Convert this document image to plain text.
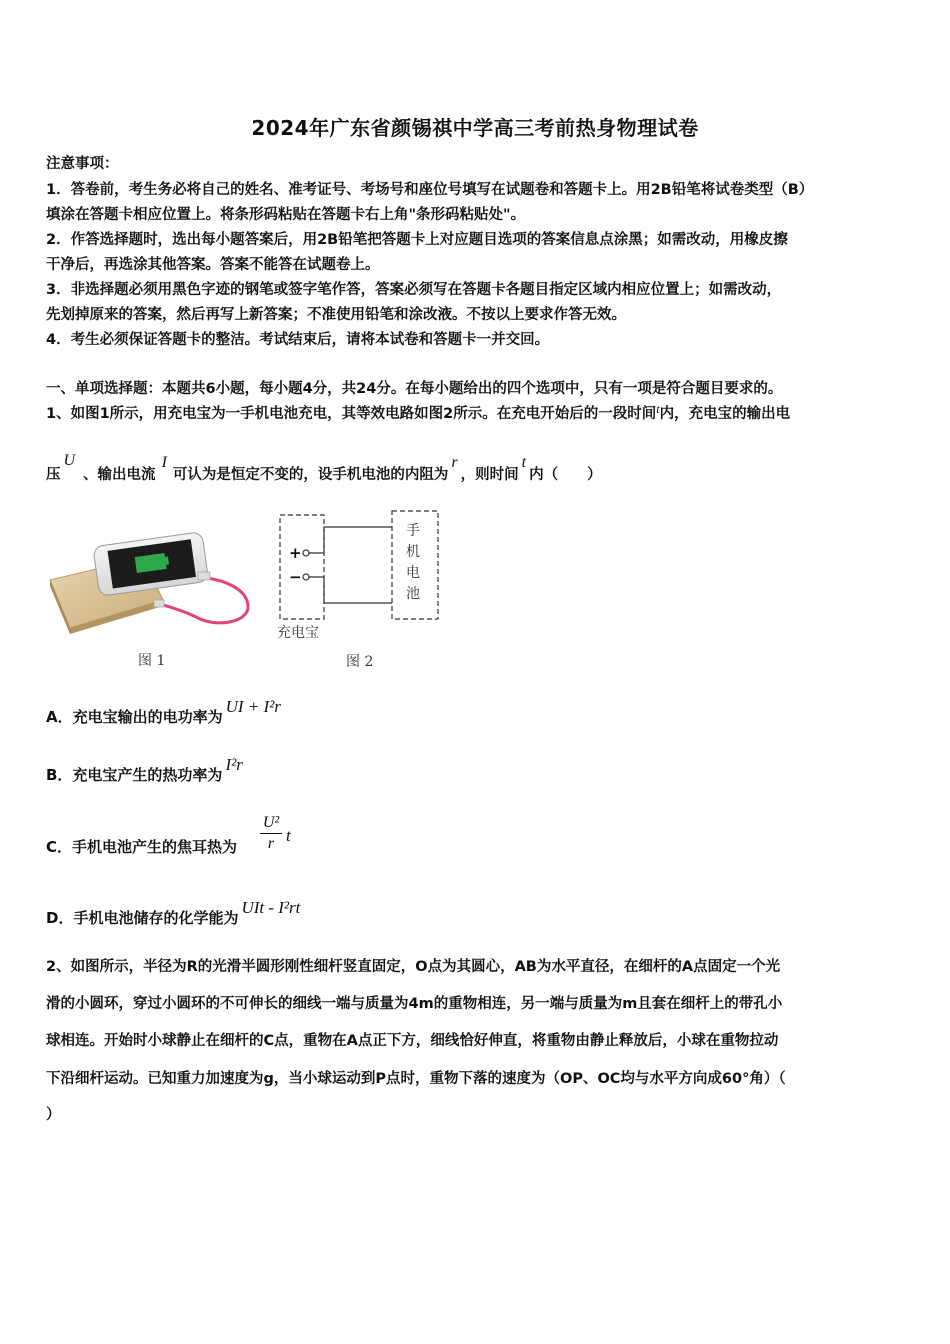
2024年广东省颜锡祺中学高三考前热身物理试卷
注意事项：
1．答卷前，考生务必将自己的姓名、准考证号、考场号和座位号填写在试题卷和答题卡上。用2B铅笔将试卷类型（B）
填涂在答题卡相应位置上。将条形码粘贴在答题卡右上角"条形码粘贴处"。
2．作答选择题时，选出每小题答案后，用2B铅笔把答题卡上对应题目选项的答案信息点涂黑；如需改动，用橡皮擦
干净后，再选涂其他答案。答案不能答在试题卷上。
3．非选择题必须用黑色字迹的钢笔或签字笔作答，答案必须写在答题卡各题目指定区域内相应位置上；如需改动，
先划掉原来的答案，然后再写上新答案；不准使用铅笔和涂改液。不按以上要求作答无效。
4．考生必须保证答题卡的整洁。考试结束后，请将本试卷和答题卡一并交回。
一、单项选择题：本题共6小题，每小题4分，共24分。在每小题给出的四个选项中，只有一项是符合题目要求的。
1、如图1所示，用充电宝为一手机电池充电，其等效电路如图2所示。在充电开始后的一段时间$^t$内，充电宝的输出电
压U、输出电流I可认为是恒定不变的，设手机电池的内阻为r，则时间t内（　　）
图 1
+
−
手
机
电
池
充电宝
图 2
A．充电宝输出的电功率为UI + I²r
B．充电宝产生的热功率为I²r
C．手机电池产生的焦耳热为
U²
r t
D．手机电池储存的化学能为UIt - I²rt
2、如图所示，半径为R的光滑半圆形刚性细杆竖直固定，O点为其圆心，AB为水平直径，在细杆的A点固定一个光
滑的小圆环，穿过小圆环的不可伸长的细线一端与质量为4m的重物相连，另一端与质量为m且套在细杆上的带孔小
球相连。开始时小球静止在细杆的C点，重物在A点正下方，细线恰好伸直，将重物由静止释放后，小球在重物拉动
下沿细杆运动。已知重力加速度为g，当小球运动到P点时，重物下落的速度为（OP、OC均与水平方向成60°角）（
）
